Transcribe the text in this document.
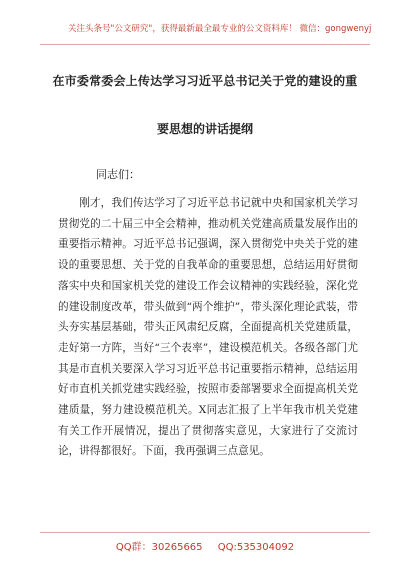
关注头条号"公文研究"，获得最新最全最专业的公文资料库！ 微信：gongwenyj
在市委常委会上传达学习习近平总书记关于党的建设的重
要思想的讲话提纲
同志们：

刚才，我们传达学习了习近平总书记就中央和国家机关学习贯彻党的二十届三中全会精神，推动机关党建高质量发展作出的重要指示精神。习近平总书记强调，深入贯彻党中央关于党的建设的重要思想、关于党的自我革命的重要思想，总结运用好贯彻落实中央和国家机关党的建设工作会议精神的实践经验，深化党的建设制度改革，带头做到“两个维护”，带头深化理论武装，带头夯实基层基础，带头正风肃纪反腐，全面提高机关党建质量，走好第一方阵，当好“三个表率”，建设模范机关。各级各部门尤其是市直机关要深入学习习近平总书记重要指示精神，总结运用好市直机关抓党建实践经验，按照市委部署要求全面提高机关党建质量，努力建设模范机关。X同志汇报了上半年我市机关党建有关工作开展情况，提出了贯彻落实意见，大家进行了交流讨论，讲得都很好。下面，我再强调三点意见。

QQ群：30265665 QQ:535304092
